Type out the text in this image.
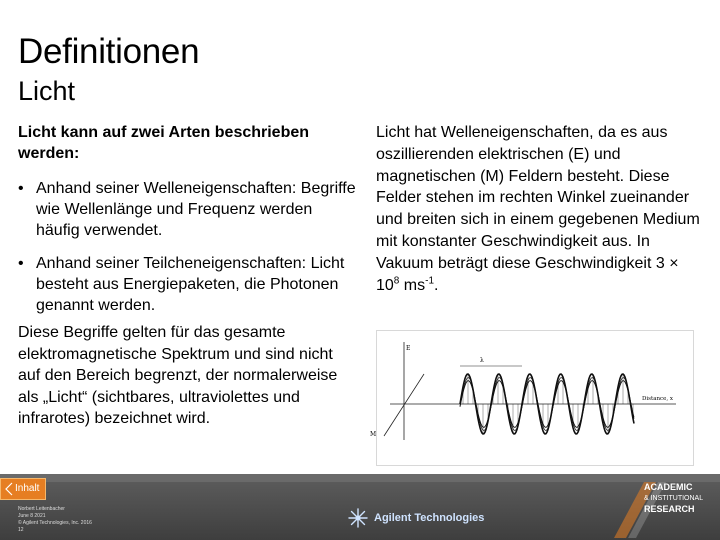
Definitionen
Licht
Licht kann auf zwei Arten beschrieben werden:
• Anhand seiner Welleneigenschaften: Begriffe wie Wellenlänge und Frequenz werden häufig verwendet.
• Anhand seiner Teilcheneigenschaften: Licht besteht aus Energiepaketen, die Photonen genannt werden.
Diese Begriffe gelten für das gesamte elektromagnetische Spektrum und sind nicht auf den Bereich begrenzt, der normalerweise als „Licht“ (sichtbares, ultraviolettes und infrarotes) bezeichnet wird.
Licht hat Welleneigenschaften, da es aus oszillierenden elektrischen (E) und magnetischen (M) Feldern besteht. Diese Felder stehen im rechten Winkel zueinander und breiten sich in einem gegebenen Medium mit konstanter Geschwindigkeit aus. In Vakuum beträgt diese Geschwindigkeit $3 \times 10^8$ $ms^{-1}$.
E
M
Distance, x
λ
Inhalt
Norbert Leitenbacher
June 8 2021
© Agilent Technologies, Inc. 2016
12
Agilent Technologies
ACADEMIC
& INSTITUTIONAL
RESEARCH
